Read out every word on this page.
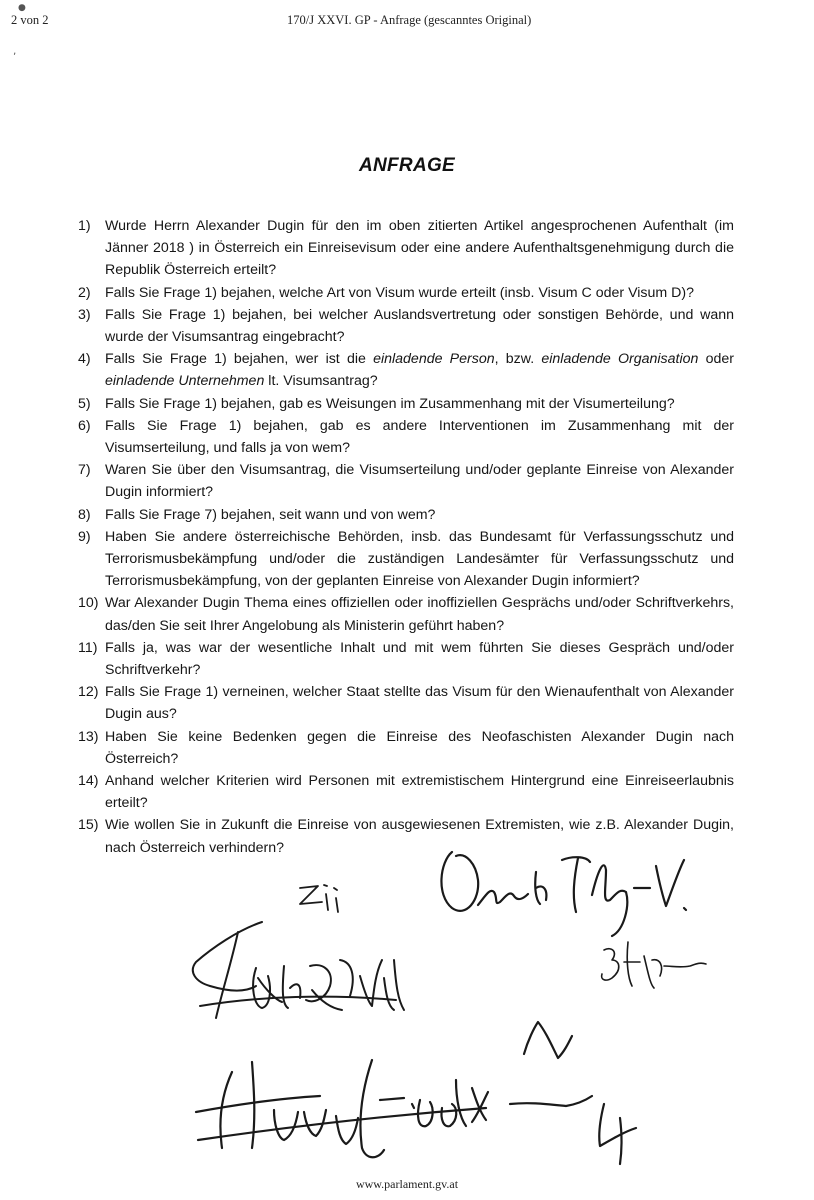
●
‚
2 von 2	170/J XXVI. GP - Anfrage (gescanntes Original)
ANFRAGE
1)	Wurde Herrn Alexander Dugin für den im oben zitierten Artikel angesprochenen Aufenthalt (im Jänner 2018 ) in Österreich ein Einreisevisum oder eine andere Aufenthaltsgenehmigung durch die Republik Österreich erteilt?
2)	Falls Sie Frage 1) bejahen, welche Art von Visum wurde erteilt (insb. Visum C oder Visum D)?
3)	Falls Sie Frage 1) bejahen, bei welcher Auslandsvertretung oder sonstigen Behörde, und wann wurde der Visumsantrag eingebracht?
4)	Falls Sie Frage 1) bejahen, wer ist die einladende Person, bzw. einladende Organisation oder einladende Unternehmen lt. Visumsantrag?
5)	Falls Sie Frage 1) bejahen, gab es Weisungen im Zusammenhang mit der Visumerteilung?
6)	Falls Sie Frage 1) bejahen, gab es andere Interventionen im Zusammenhang mit der Visumserteilung, und falls ja von wem?
7)	Waren Sie über den Visumsantrag, die Visumserteilung und/oder geplante Einreise von Alexander Dugin informiert?
8)	Falls Sie Frage 7) bejahen, seit wann und von wem?
9)	Haben Sie andere österreichische Behörden, insb. das Bundesamt für Verfassungsschutz und Terrorismusbekämpfung und/oder die zuständigen Landesämter für Verfassungsschutz und Terrorismusbekämpfung, von der geplanten Einreise von Alexander Dugin informiert?
10) War Alexander Dugin Thema eines offiziellen oder inoffiziellen Gesprächs und/oder Schriftverkehrs, das/den Sie seit Ihrer Angelobung als Ministerin geführt haben?
11) Falls ja, was war der wesentliche Inhalt und mit wem führten Sie dieses Gespräch und/oder Schriftverkehr?
12) Falls Sie Frage 1) verneinen, welcher Staat stellte das Visum für den Wienaufenthalt von Alexander Dugin aus?
13) Haben Sie keine Bedenken gegen die Einreise des Neofaschisten Alexander Dugin nach Österreich?
14) Anhand welcher Kriterien wird Personen mit extremistischem Hintergrund eine Einreiseerlaubnis erteilt?
15) Wie wollen Sie in Zukunft die Einreise von ausgewiesenen Extremisten, wie z.B. Alexander Dugin, nach Österreich verhindern?
www.parlament.gv.at
